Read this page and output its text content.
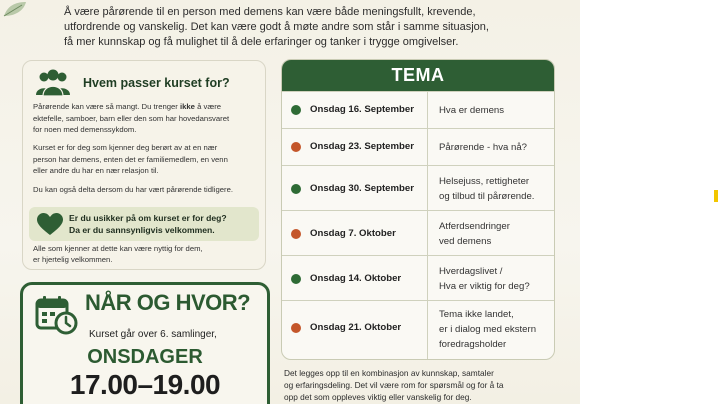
Å være pårørende til en person med demens kan være både meningsfullt, krevende,

utfordrende og vanskelig. Det kan være godt å møte andre som står i samme situasjon,

få mer kunnskap og få mulighet til å dele erfaringer og tanker i trygge omgivelser.

Hvem passer kurset for?

Pårørende kan være så mangt. Du trenger ikke å være

ektefelle, samboer, barn eller den som har hovedansvaret

for noen med demenssykdom.

Kurset er for deg som kjenner deg berørt av at en nær

person har demens, enten det er familiemedlem, en venn

eller andre du har en nær relasjon til.

Du kan også delta dersom du har vært pårørende tidligere.

Er du usikker på om kurset er for deg?

Da er du sannsynligvis velkommen.

Alle som kjenner at dette kan være nyttig for dem,

er hjertelig velkommen.

NÅR OG HVOR?
Kurset går over 6. samlinger,
ONSDAGER
17.00–19.00
TEMA
Onsdag 16. September	Hva er demens
Onsdag 23. September	Pårørende - hva nå?
Onsdag 30. September
Helsejuss, rettigheter
og tilbud til pårørende.
Onsdag 7. Oktober
Atferdsendringer
ved demens
Onsdag 14. Oktober
Hverdagslivet /
Hva er viktig for deg?
Onsdag 21. Oktober
Tema ikke landet,
er i dialog med ekstern
foredragsholder

Det legges opp til en kombinasjon av kunnskap, samtaler

og erfaringsdeling. Det vil være rom for spørsmål og for å ta

opp det som oppleves viktig eller vanskelig for deg.
